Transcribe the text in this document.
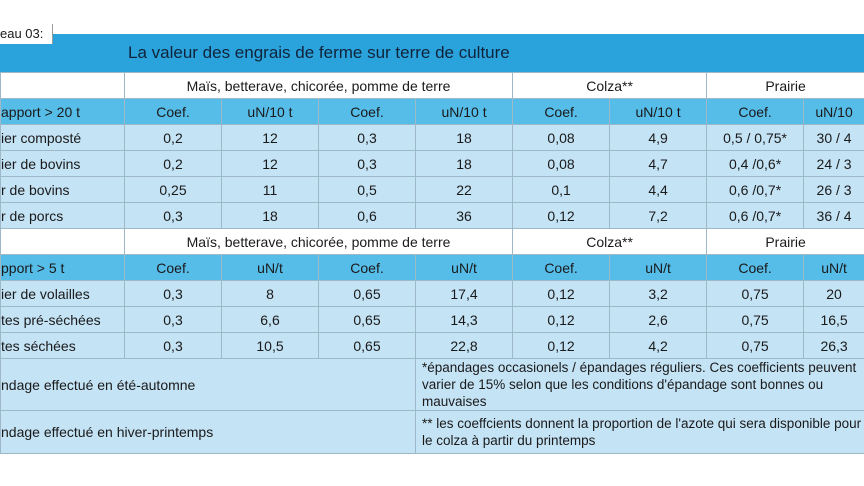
eau 03:
La valeur des engrais de ferme sur terre de culture
	Maïs, betterave, chicorée, pomme de terre				Colza**		Prairie	
apport > 20 t	Coef.	uN/10 t	Coef.	uN/10 t	Coef.	uN/10 t	Coef.	uN/10
ier composté	0,2	12	0,3	18	0,08	4,9	0,5 / 0,75*	30 / 4
ier de bovins	0,2	12	0,3	18	0,08	4,7	0,4 /0,6*	24 / 3
r de bovins	0,25	11	0,5	22	0,1	4,4	0,6 /0,7*	26 / 3
r de porcs	0,3	18	0,6	36	0,12	7,2	0,6 /0,7*	36 / 4
	Maïs, betterave, chicorée, pomme de terre				Colza**		Prairie	
pport > 5 t	Coef.	uN/t	Coef.	uN/t	Coef.	uN/t	Coef.	uN/t
ier de volailles	0,3	8	0,65	17,4	0,12	3,2	0,75	20
tes pré-séchées	0,3	6,6	0,65	14,3	0,12	2,6	0,75	16,5
tes séchées	0,3	10,5	0,65	22,8	0,12	4,2	0,75	26,3
ndage effectué en été-automne				*épandages occasionels / épandages réguliers. Ces coefficients peuvent varier de 15% selon que les conditions d'épandage sont bonnes ou mauvaises				
ndage effectué en hiver-printemps				** les coeffcients donnent la proportion de l'azote qui sera disponible pour le colza à partir du printemps				
